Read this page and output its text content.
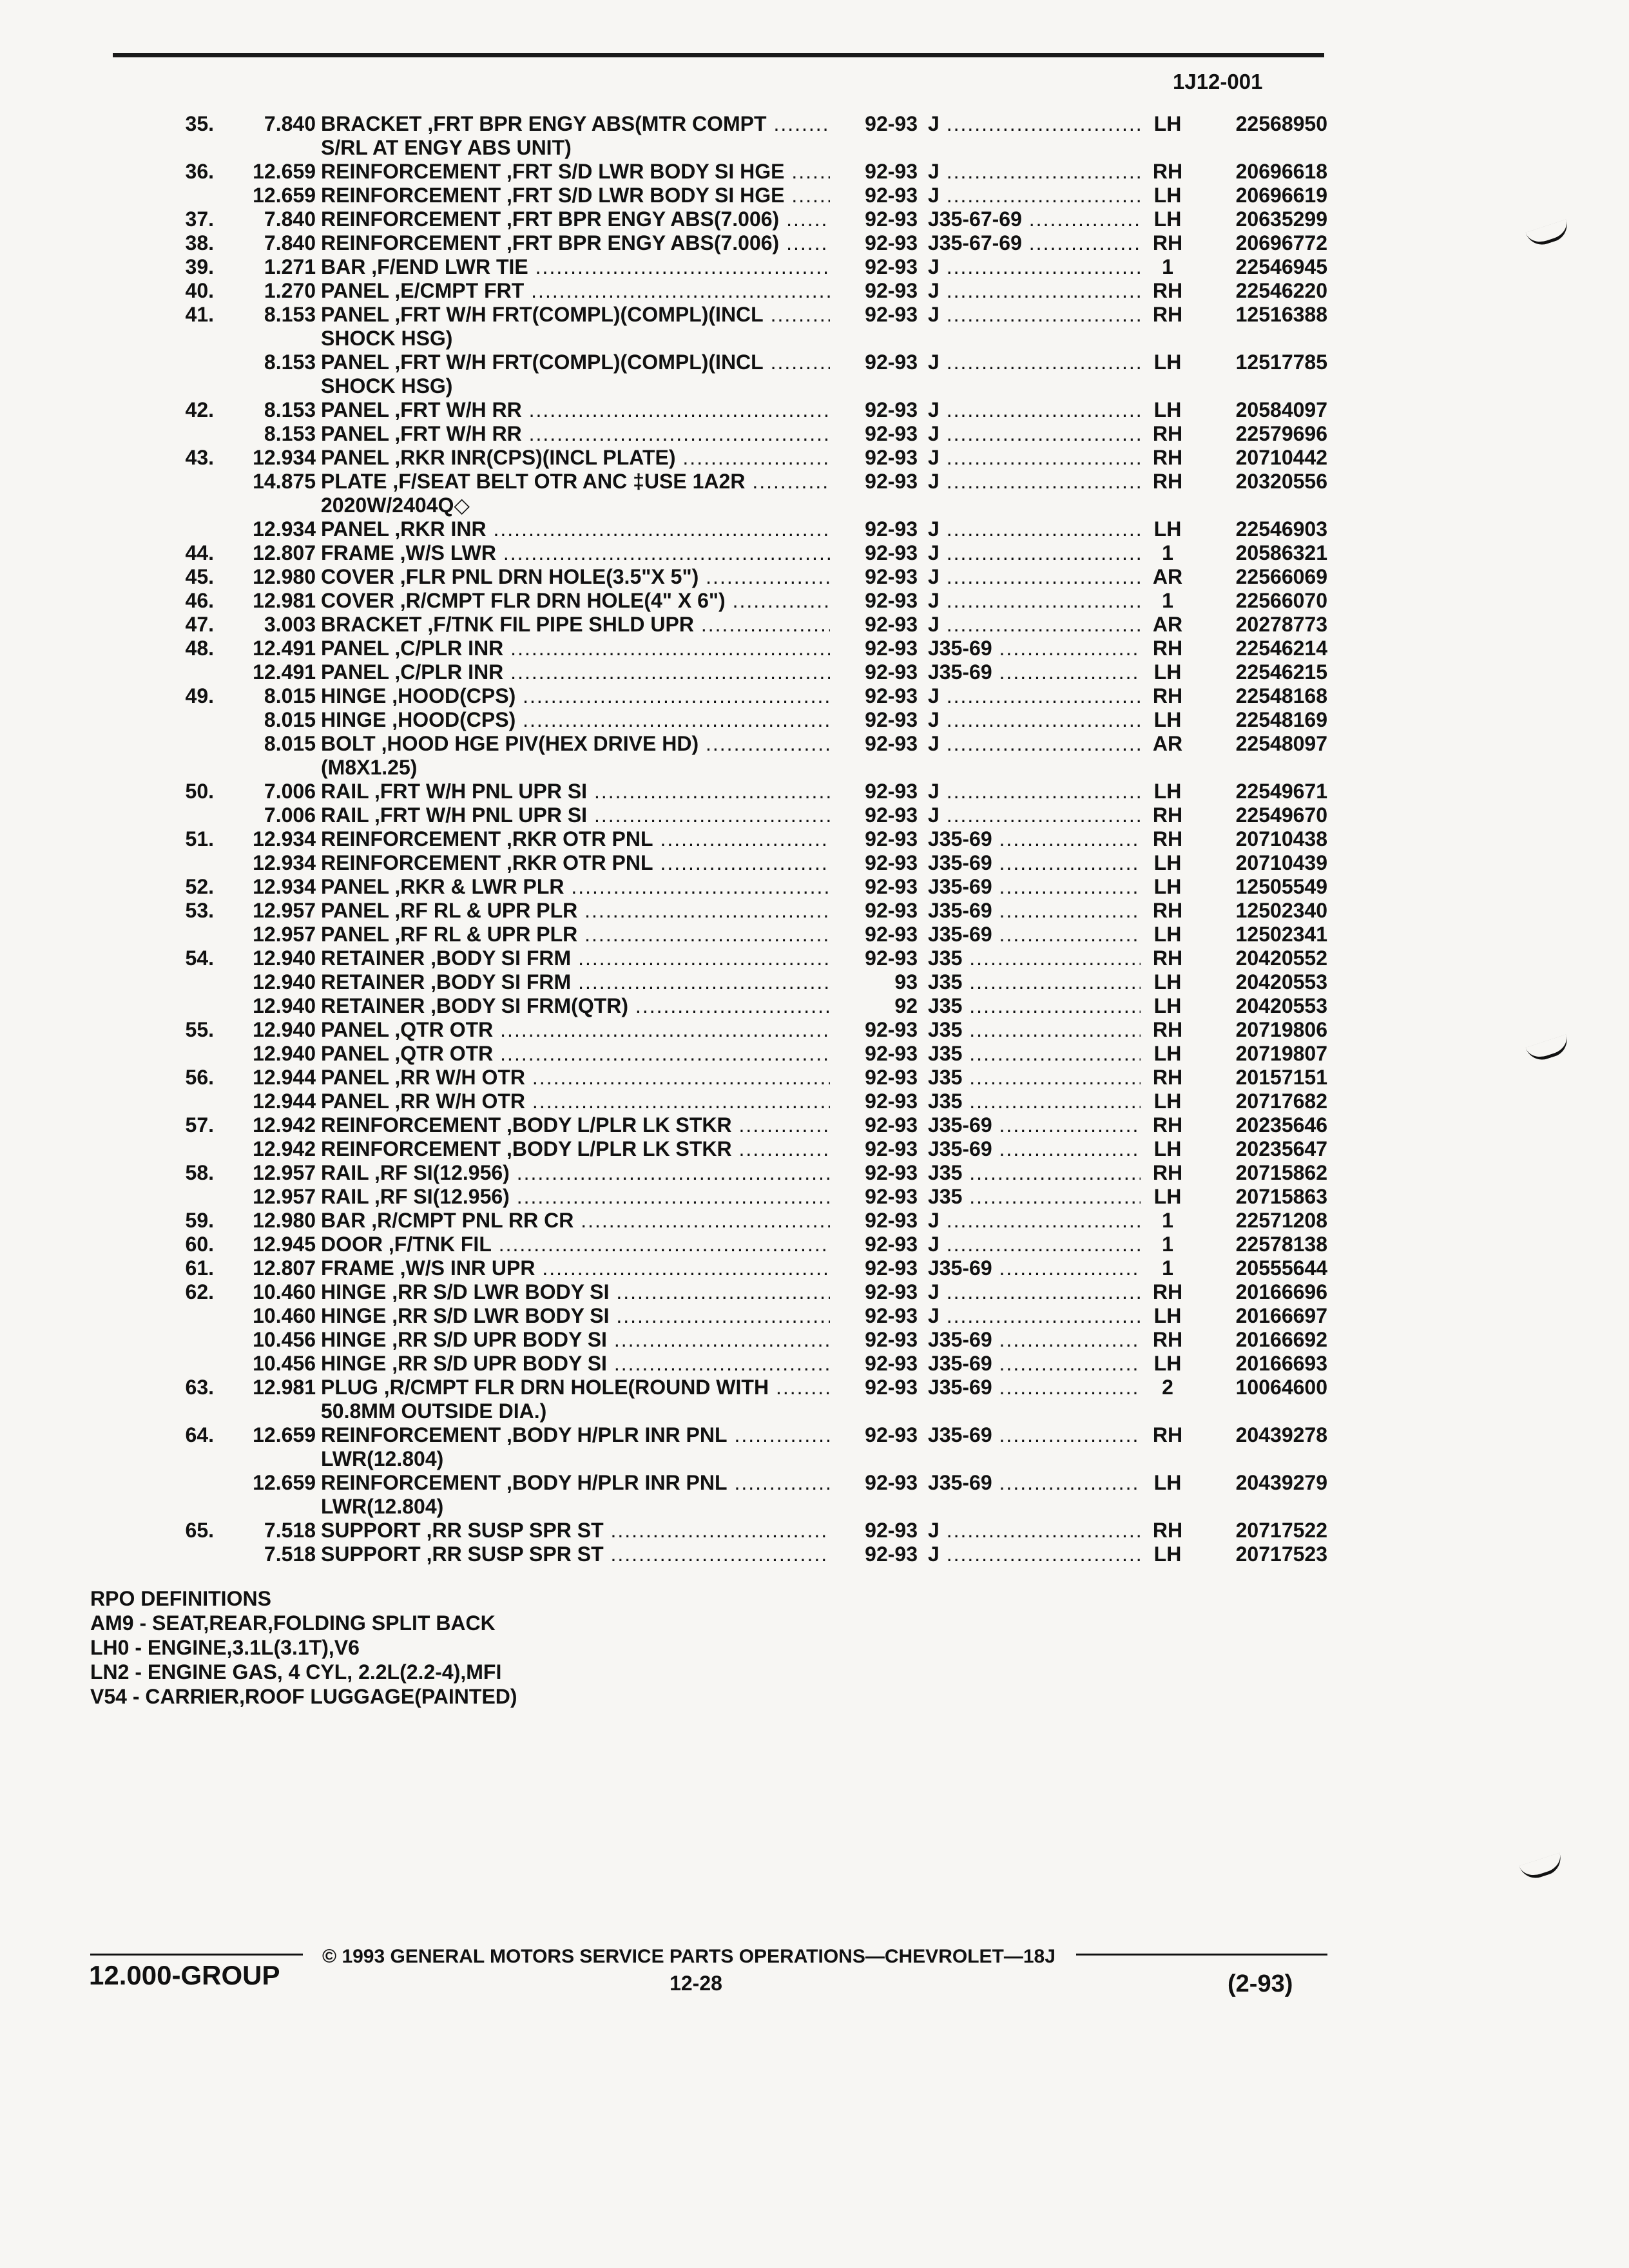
1J12-001
35.	7.840 BRACKET ,FRT BPR ENGY ABS(MTR COMPT .....	92-93 J .....	LH	22568950
S/RL AT ENGY ABS UNIT)
36.	12.659 REINFORCEMENT ,FRT S/D LWR BODY SI HGE .....	92-93 J .....	RH	20696618
12.659 REINFORCEMENT ,FRT S/D LWR BODY SI HGE .....	92-93 J .....	LH	20696619
37.	7.840 REINFORCEMENT ,FRT BPR ENGY ABS(7.006) .....	92-93 J35-67-69 .....	LH	20635299
38.	7.840 REINFORCEMENT ,FRT BPR ENGY ABS(7.006) .....	92-93 J35-67-69 .....	RH	20696772
39.	1.271 BAR ,F/END LWR TIE .....	92-93 J .....	1	22546945
40.	1.270 PANEL ,E/CMPT FRT .....	92-93 J .....	RH	22546220
41.	8.153 PANEL ,FRT W/H FRT(COMPL)(COMPL)(INCL .....	92-93 J .....	RH	12516388
SHOCK HSG)
8.153 PANEL ,FRT W/H FRT(COMPL)(COMPL)(INCL .....	92-93 J .....	LH	12517785
SHOCK HSG)
42.	8.153 PANEL ,FRT W/H RR .....	92-93 J .....	LH	20584097
8.153 PANEL ,FRT W/H RR .....	92-93 J .....	RH	22579696
43.	12.934 PANEL ,RKR INR(CPS)(INCL PLATE) .....	92-93 J .....	RH	20710442
14.875 PLATE ,F/SEAT BELT OTR ANC ‡USE 1A2R .....	92-93 J .....	RH	20320556
2020W/2404Q◇
12.934 PANEL ,RKR INR .....	92-93 J .....	LH	22546903
44.	12.807 FRAME ,W/S LWR .....	92-93 J .....	1	20586321
45.	12.980 COVER ,FLR PNL DRN HOLE(3.5"X 5") .....	92-93 J .....	AR	22566069
46.	12.981 COVER ,R/CMPT FLR DRN HOLE(4" X 6") .....	92-93 J .....	1	22566070
47.	3.003 BRACKET ,F/TNK FIL PIPE SHLD UPR .....	92-93 J .....	AR	20278773
48.	12.491 PANEL ,C/PLR INR .....	92-93 J35-69 .....	RH	22546214
12.491 PANEL ,C/PLR INR .....	92-93 J35-69 .....	LH	22546215
49.	8.015 HINGE ,HOOD(CPS) .....	92-93 J .....	RH	22548168
8.015 HINGE ,HOOD(CPS) .....	92-93 J .....	LH	22548169
8.015 BOLT ,HOOD HGE PIV(HEX DRIVE HD) .....	92-93 J .....	AR	22548097
(M8X1.25)
50.	7.006 RAIL ,FRT W/H PNL UPR SI .....	92-93 J .....	LH	22549671
7.006 RAIL ,FRT W/H PNL UPR SI .....	92-93 J .....	RH	22549670
51.	12.934 REINFORCEMENT ,RKR OTR PNL .....	92-93 J35-69 .....	RH	20710438
12.934 REINFORCEMENT ,RKR OTR PNL .....	92-93 J35-69 .....	LH	20710439
52.	12.934 PANEL ,RKR & LWR PLR .....	92-93 J35-69 .....	LH	12505549
53.	12.957 PANEL ,RF RL & UPR PLR .....	92-93 J35-69 .....	RH	12502340
12.957 PANEL ,RF RL & UPR PLR .....	92-93 J35-69 .....	LH	12502341
54.	12.940 RETAINER ,BODY SI FRM .....	92-93 J35 .....	RH	20420552
12.940 RETAINER ,BODY SI FRM .....	93 J35 .....	LH	20420553
12.940 RETAINER ,BODY SI FRM(QTR) .....	92 J35 .....	LH	20420553
55.	12.940 PANEL ,QTR OTR .....	92-93 J35 .....	RH	20719806
12.940 PANEL ,QTR OTR .....	92-93 J35 .....	LH	20719807
56.	12.944 PANEL ,RR W/H OTR .....	92-93 J35 .....	RH	20157151
12.944 PANEL ,RR W/H OTR .....	92-93 J35 .....	LH	20717682
57.	12.942 REINFORCEMENT ,BODY L/PLR LK STKR .....	92-93 J35-69 .....	RH	20235646
12.942 REINFORCEMENT ,BODY L/PLR LK STKR .....	92-93 J35-69 .....	LH	20235647
58.	12.957 RAIL ,RF SI(12.956) .....	92-93 J35 .....	RH	20715862
12.957 RAIL ,RF SI(12.956) .....	92-93 J35 .....	LH	20715863
59.	12.980 BAR ,R/CMPT PNL RR CR .....	92-93 J .....	1	22571208
60.	12.945 DOOR ,F/TNK FIL .....	92-93 J .....	1	22578138
61.	12.807 FRAME ,W/S INR UPR .....	92-93 J35-69 .....	1	20555644
62.	10.460 HINGE ,RR S/D LWR BODY SI .....	92-93 J .....	RH	20166696
10.460 HINGE ,RR S/D LWR BODY SI .....	92-93 J .....	LH	20166697
10.456 HINGE ,RR S/D UPR BODY SI .....	92-93 J35-69 .....	RH	20166692
10.456 HINGE ,RR S/D UPR BODY SI .....	92-93 J35-69 .....	LH	20166693
63.	12.981 PLUG ,R/CMPT FLR DRN HOLE(ROUND WITH .....	92-93 J35-69 .....	2	10064600
50.8MM OUTSIDE DIA.)
64.	12.659 REINFORCEMENT ,BODY H/PLR INR PNL .....	92-93 J35-69 .....	RH	20439278
LWR(12.804)
12.659 REINFORCEMENT ,BODY H/PLR INR PNL .....	92-93 J35-69 .....	LH	20439279
LWR(12.804)
65.	7.518 SUPPORT ,RR SUSP SPR ST .....	92-93 J .....	RH	20717522
7.518 SUPPORT ,RR SUSP SPR ST .....	92-93 J .....	LH	20717523
RPO DEFINITIONS
AM9 - SEAT,REAR,FOLDING SPLIT BACK
LH0 - ENGINE,3.1L(3.1T),V6
LN2 - ENGINE GAS, 4 CYL, 2.2L(2.2-4),MFI
V54 - CARRIER,ROOF LUGGAGE(PAINTED)
12.000-GROUP
© 1993 GENERAL MOTORS SERVICE PARTS OPERATIONS—CHEVROLET—18J
12-28	(2-93)
